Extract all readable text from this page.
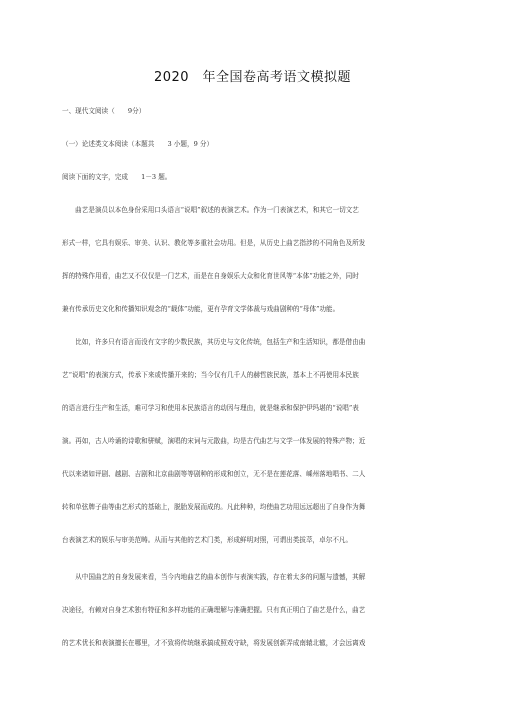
2020　年全国卷高考语文模拟题
一、现代文阅读（　　9分）
（一）论述类文本阅读（本题共　　3 小题，9 分）
阅读下面的文字，完成　　1－3 题。
　　曲艺是演员以本色身份采用口头语言“说唱”叙述的表演艺术。作为一门表演艺术，和其它一切文艺
形式一样，它具有娱乐、审美、认识、教化等多重社会功用。但是，从历史上曲艺指涉的不同角色及所发
挥的特殊作用看，曲艺又不仅仅是一门艺术，而是在自身娱乐大众和化育世风等“本体”功能之外，同时
兼有传承历史文化和传播知识观念的“载体”功能，更有孕育文学体裁与戏曲剧种的“母体”功能。
　　比如，许多只有语言而没有文字的少数民族，其历史与文化传统，包括生产和生活知识，都是借由曲
艺“说唱”的表演方式，传承下来或传播开来的；当今仅有几千人的赫哲族民族，基本上不再使用本民族
的语言进行生产和生活，难可学习和使用本民族语言的动因与理由，就是继承和保护伊玛堪的“说唱”表
演。再如，古人吟诵的诗歌和骈赋，演唱的宋词与元散曲，均是古代曲艺与文学一体发展的特殊产物；近
代以来诸如评剧、越剧、吉剧和北京曲剧等等剧种的形成和创立，无不是在莲花落、嵊州落地唱书、二人
转和单弦牌子曲等曲艺形式的基础上，脱胎发展而成的。凡此种种，均使曲艺功用远远超出了自身作为舞
台表演艺术的娱乐与审美范畴。从而与其他的艺术门类，形成鲜明对照，可谓出类拔萃，卓尔不凡。
　　从中国曲艺的自身发展来看，当今内地曲艺的曲本创作与表演实践，存在着太多的问题与遗憾，其解
决途径，有赖对自身艺术独有特征和多样功能的正确理解与准确把握。只有真正明白了曲艺是什么，曲艺
的艺术优长和表演擅长在哪里，才不致将传统继承搞成照戏守缺，将发展创新弄成南辕北辙，才会远离戏
